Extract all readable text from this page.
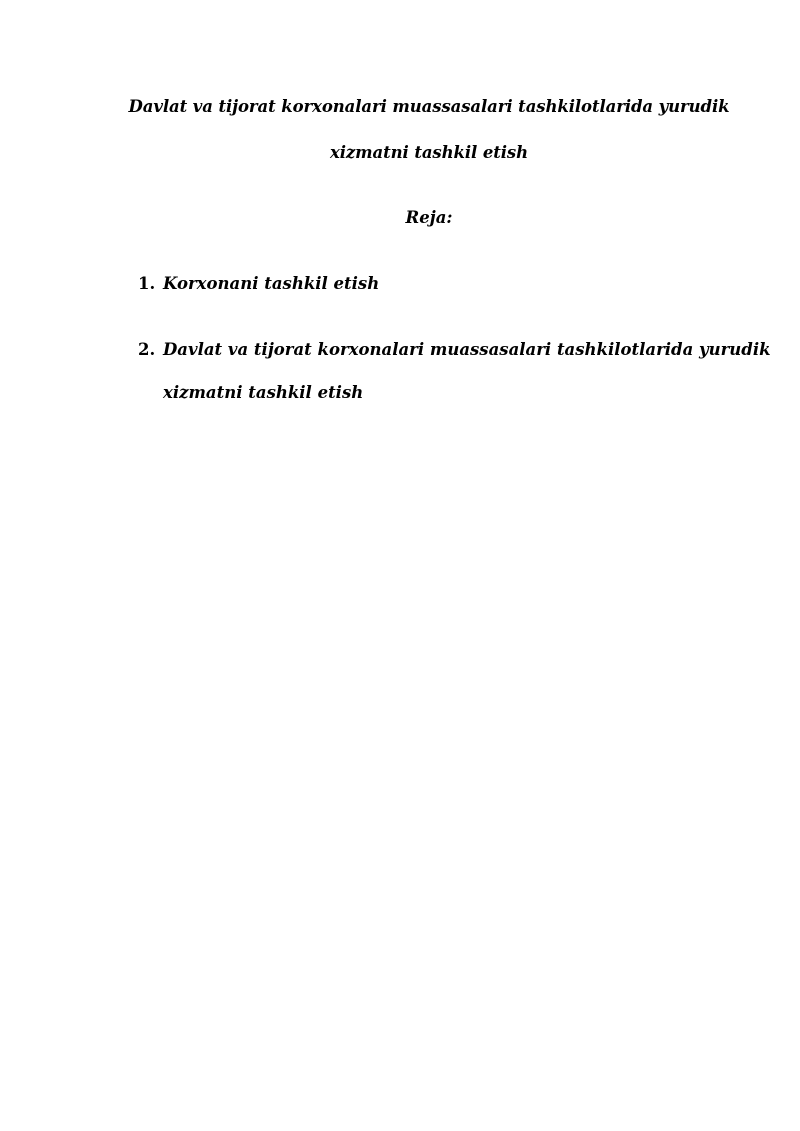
Davlat va tijorat korxonalari muassasalari tashkilotlarida yurudik
xizmatni tashkil etish
Reja:
1. Korxonani tashkil etish
2. Davlat va tijorat korxonalari muassasalari tashkilotlarida yurudik
xizmatni tashkil etish
